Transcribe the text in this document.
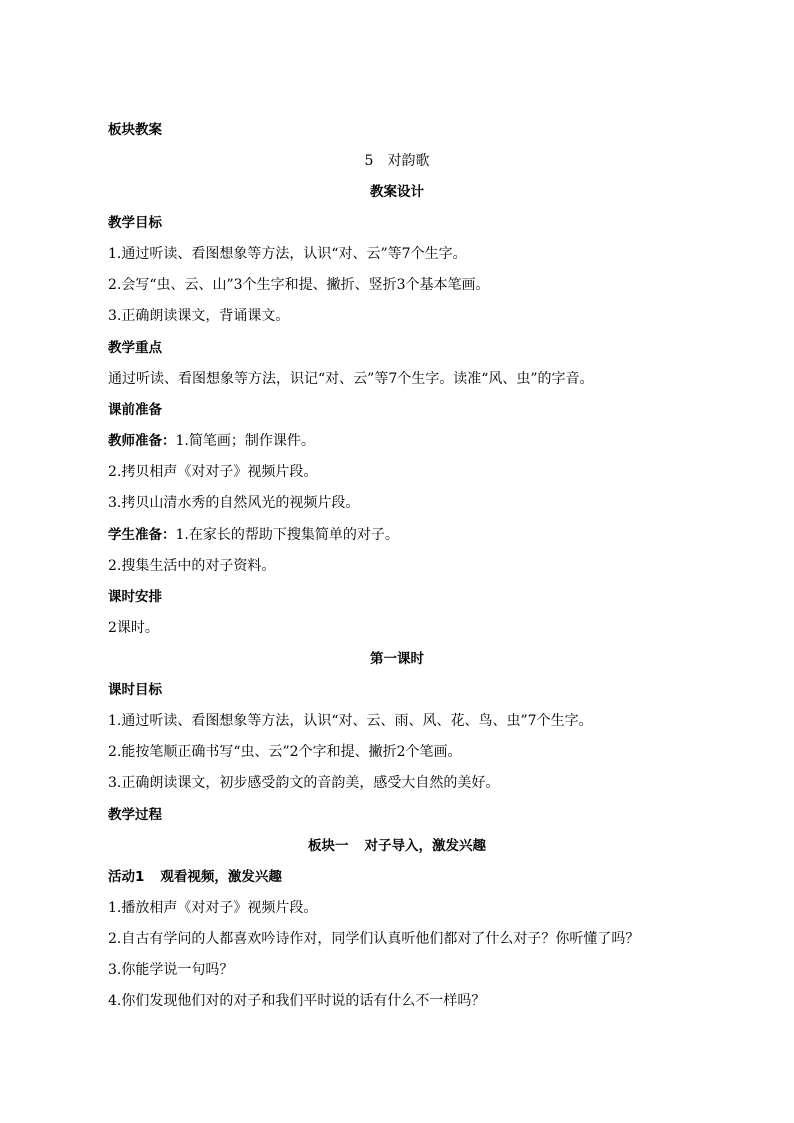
板块教案
5 对韵歌
教案设计
教学目标
1.通过听读、看图想象等方法，认识“对、云”等7个生字。
2.会写“虫、云、山”3个生字和提、撇折、竖折3个基本笔画。
3.正确朗读课文，背诵课文。
教学重点
通过听读、看图想象等方法，识记“对、云”等7个生字。读准“风、虫”的字音。
课前准备
教师准备：1.简笔画；制作课件。
2.拷贝相声《对对子》视频片段。
3.拷贝山清水秀的自然风光的视频片段。
学生准备：1.在家长的帮助下搜集简单的对子。
2.搜集生活中的对子资料。
课时安排
2课时。
第一课时
课时目标
1.通过听读、看图想象等方法，认识“对、云、雨、风、花、鸟、虫”7个生字。
2.能按笔顺正确书写“虫、云”2个字和提、撇折2个笔画。
3.正确朗读课文，初步感受韵文的音韵美，感受大自然的美好。
教学过程
板块一 对子导入，激发兴趣
活动1 观看视频，激发兴趣
1.播放相声《对对子》视频片段。
2.自古有学问的人都喜欢吟诗作对，同学们认真听他们都对了什么对子？你听懂了吗？
3.你能学说一句吗？
4.你们发现他们对的对子和我们平时说的话有什么不一样吗？
